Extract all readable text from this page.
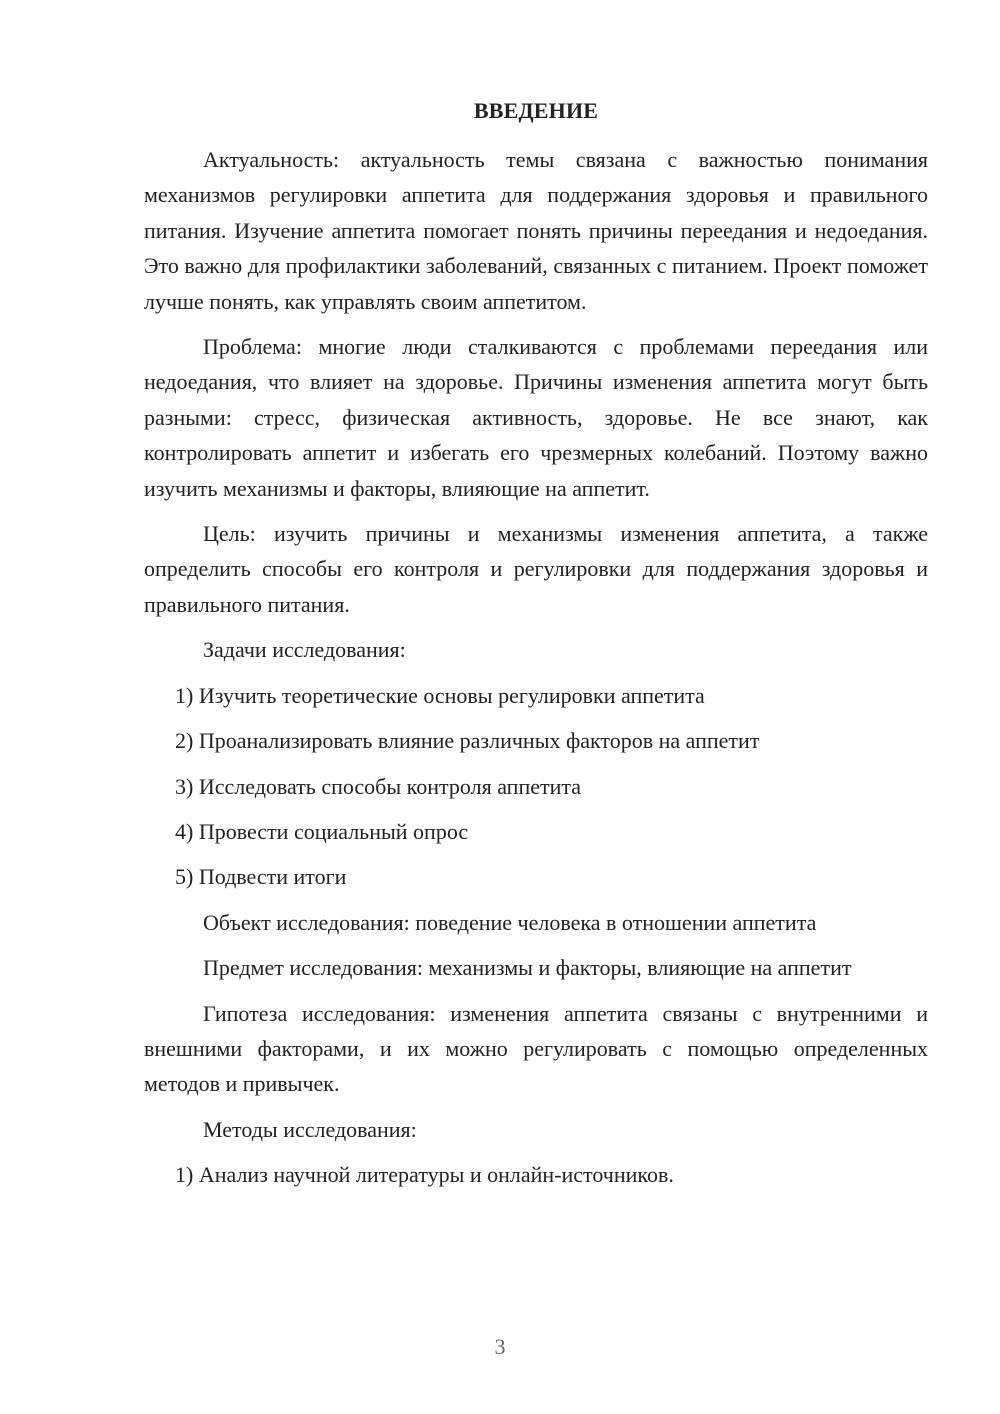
ВВЕДЕНИЕ

Актуальность: актуальность темы связана с важностью понимания механизмов регулировки аппетита для поддержания здоровья и правильного питания. Изучение аппетита помогает понять причины переедания и недоедания. Это важно для профилактики заболеваний, связанных с питанием. Проект поможет лучше понять, как управлять своим аппетитом.

Проблема: многие люди сталкиваются с проблемами переедания или недоедания, что влияет на здоровье. Причины изменения аппетита могут быть разными: стресс, физическая активность, здоровье. Не все знают, как контролировать аппетит и избегать его чрезмерных колебаний. Поэтому важно изучить механизмы и факторы, влияющие на аппетит.

Цель: изучить причины и механизмы изменения аппетита, а также определить способы его контроля и регулировки для поддержания здоровья и правильного питания.

Задачи исследования:

1) Изучить теоретические основы регулировки аппетита

2) Проанализировать влияние различных факторов на аппетит

3) Исследовать способы контроля аппетита

4) Провести социальный опрос

5) Подвести итоги

Объект исследования: поведение человека в отношении аппетита

Предмет исследования: механизмы и факторы, влияющие на аппетит

Гипотеза исследования: изменения аппетита связаны с внутренними и внешними факторами, и их можно регулировать с помощью определенных методов и привычек.

Методы исследования:

1) Анализ научной литературы и онлайн-источников.

3
